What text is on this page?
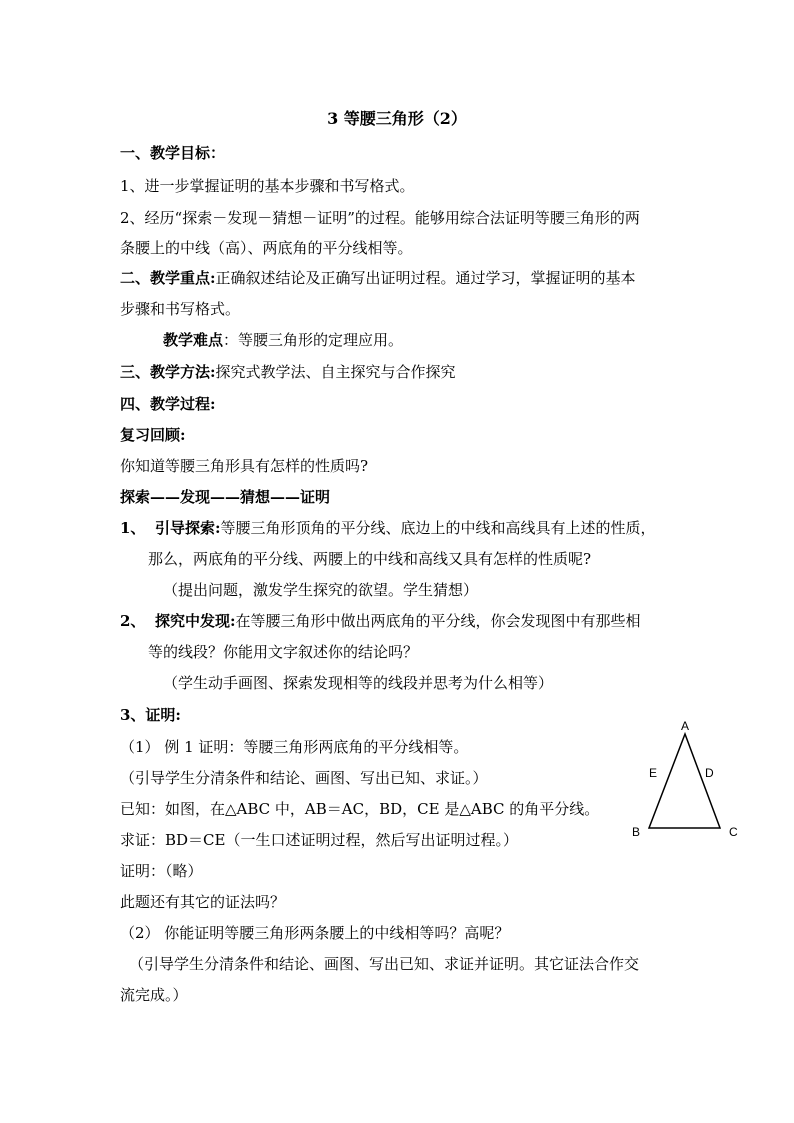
3 等腰三角形（2）
一、教学目标：
1、进一步掌握证明的基本步骤和书写格式。
2、经历“探索－发现－猜想－证明”的过程。能够用综合法证明等腰三角形的两
条腰上的中线（高）、两底角的平分线相等。
二、教学重点:正确叙述结论及正确写出证明过程。通过学习，掌握证明的基本
步骤和书写格式。
教学难点：等腰三角形的定理应用。
三、教学方法:探究式教学法、自主探究与合作探究
四、教学过程:
复习回顾:
你知道等腰三角形具有怎样的性质吗?
探索——发现——猜想——证明
1、 引导探索:等腰三角形顶角的平分线、底边上的中线和高线具有上述的性质，
那么，两底角的平分线、两腰上的中线和高线又具有怎样的性质呢?
（提出问题，激发学生探究的欲望。学生猜想）
2、 探究中发现:在等腰三角形中做出两底角的平分线，你会发现图中有那些相
等的线段？你能用文字叙述你的结论吗？
（学生动手画图、探索发现相等的线段并思考为什么相等）
3、证明:
（1） 例 1 证明：等腰三角形两底角的平分线相等。
（引导学生分清条件和结论、画图、写出已知、求证。）
已知：如图，在△ABC 中，AB＝AC，BD，CE 是△ABC 的角平分线。
求证：BD＝CE（一生口述证明过程，然后写出证明过程。）
证明：（略）
此题还有其它的证法吗？
（2） 你能证明等腰三角形两条腰上的中线相等吗？高呢？
（引导学生分清条件和结论、画图、写出已知、求证并证明。其它证法合作交
流完成。）
A
B	C
D
E
